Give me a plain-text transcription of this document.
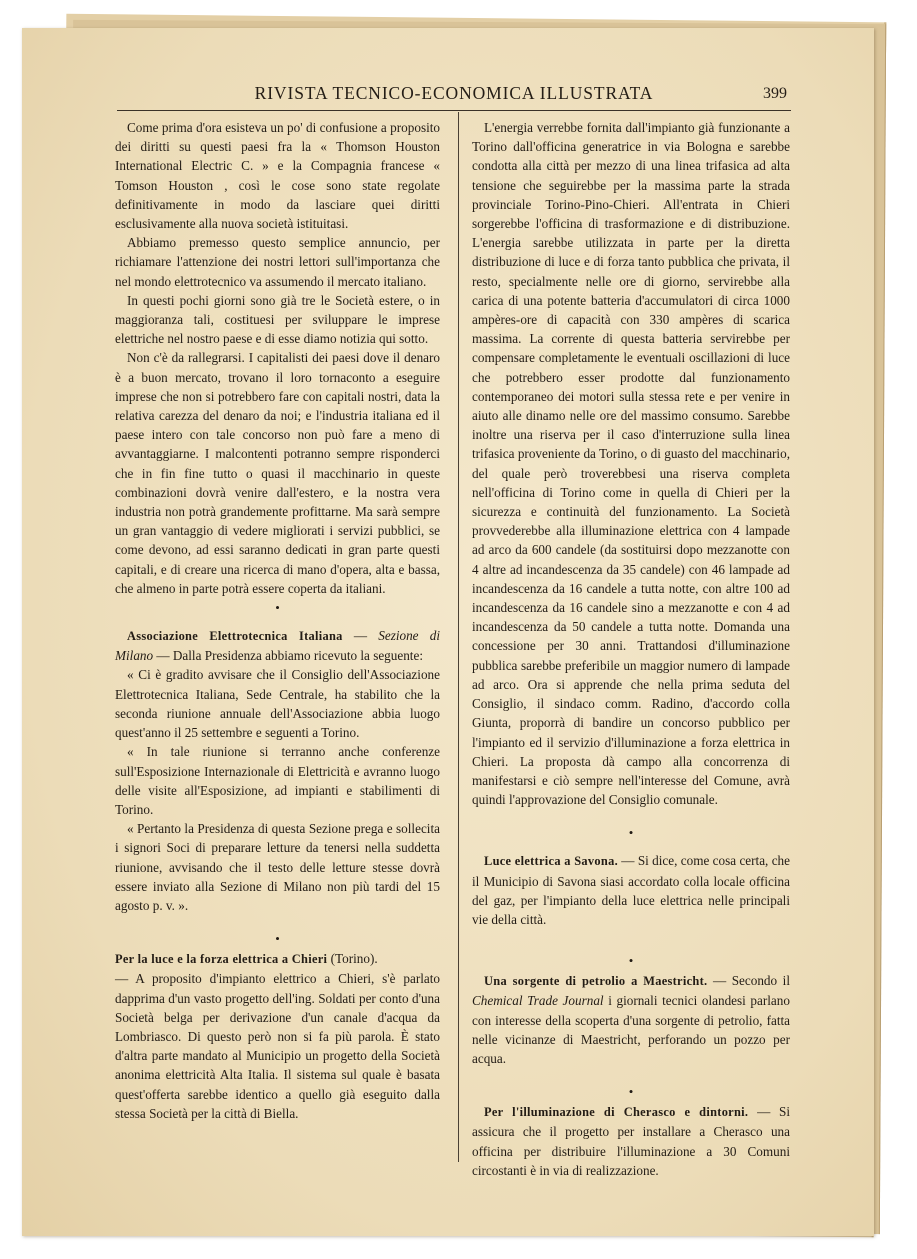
RIVISTA TECNICO-ECONOMICA ILLUSTRATA	399

Come prima d'ora esisteva un po' di confusione a proposito dei diritti su questi paesi fra la « Thomson Houston International Electric C. » e la Compagnia francese « Tomson Houston , così le cose sono state regolate definitivamente in modo da lasciare quei diritti esclusivamente alla nuova società istituitasi.

Abbiamo premesso questo semplice annuncio, per richiamare l'attenzione dei nostri lettori sull'importanza che nel mondo elettrotecnico va assumendo il mercato italiano.

In questi pochi giorni sono già tre le Società estere, o in maggioranza tali, costituesi per sviluppare le imprese elettriche nel nostro paese e di esse diamo notizia qui sotto.

Non c'è da rallegrarsi. I capitalisti dei paesi dove il denaro è a buon mercato, trovano il loro tornaconto a eseguire imprese che non si potrebbero fare con capitali nostri, data la relativa carezza del denaro da noi; e l'industria italiana ed il paese intero con tale concorso non può fare a meno di avvantaggiarne. I malcontenti potranno sempre risponderci che in fin fine tutto o quasi il macchinario in queste combinazioni dovrà venire dall'estero, e la nostra vera industria non potrà grandemente profittarne. Ma sarà sempre un gran vantaggio di vedere migliorati i servizi pubblici, se come devono, ad essi saranno dedicati in gran parte questi capitali, e di creare una ricerca di mano d'opera, alta e bassa, che almeno in parte potrà essere coperta da italiani.

•

Associazione Elettrotecnica Italiana — Sezione di Milano — Dalla Presidenza abbiamo ricevuto la seguente:

« Ci è gradito avvisare che il Consiglio dell'Associazione Elettrotecnica Italiana, Sede Centrale, ha stabilito che la seconda riunione annuale dell'Associazione abbia luogo quest'anno il 25 settembre e seguenti a Torino.

« In tale riunione si terranno anche conferenze sull'Esposizione Internazionale di Elettricità e avranno luogo delle visite all'Esposizione, ad impianti e stabilimenti di Torino.

« Pertanto la Presidenza di questa Sezione prega e sollecita i signori Soci di preparare letture da tenersi nella suddetta riunione, avvisando che il testo delle letture stesse dovrà essere inviato alla Sezione di Milano non più tardi del 15 agosto p. v. ».

•

Per la luce e la forza elettrica a Chieri (Torino).

— A proposito d'impianto elettrico a Chieri, s'è parlato dapprima d'un vasto progetto dell'ing. Soldati per conto d'una Società belga per derivazione d'un canale d'acqua da Lombriasco. Di questo però non si fa più parola. È stato d'altra parte mandato al Municipio un progetto della Società anonima elettricità Alta Italia. Il sistema sul quale è basata quest'offerta sarebbe identico a quello già eseguito dalla stessa Società per la città di Biella.

L'energia verrebbe fornita dall'impianto già funzionante a Torino dall'officina generatrice in via Bologna e sarebbe condotta alla città per mezzo di una linea trifasica ad alta tensione che seguirebbe per la massima parte la strada provinciale Torino-Pino-Chieri. All'entrata in Chieri sorgerebbe l'officina di trasformazione e di distribuzione. L'energia sarebbe utilizzata in parte per la diretta distribuzione di luce e di forza tanto pubblica che privata, il resto, specialmente nelle ore di giorno, servirebbe alla carica di una potente batteria d'accumulatori di circa 1000 ampères-ore di capacità con 330 ampères di scarica massima. La corrente di questa batteria servirebbe per compensare completamente le eventuali oscillazioni di luce che potrebbero esser prodotte dal funzionamento contemporaneo dei motori sulla stessa rete e per venire in aiuto alle dinamo nelle ore del massimo consumo. Sarebbe inoltre una riserva per il caso d'interruzione sulla linea trifasica proveniente da Torino, o di guasto del macchinario, del quale però troverebbesi una riserva completa nell'officina di Torino come in quella di Chieri per la sicurezza e continuità del funzionamento. La Società provvederebbe alla illuminazione elettrica con 4 lampade ad arco da 600 candele (da sostituirsi dopo mezzanotte con 4 altre ad incandescenza da 35 candele) con 46 lampade ad incandescenza da 16 candele a tutta notte, con altre 100 ad incandescenza da 16 candele sino a mezzanotte e con 4 ad incandescenza da 50 candele a tutta notte. Domanda una concessione per 30 anni. Trattandosi d'illuminazione pubblica sarebbe preferibile un maggior numero di lampade ad arco. Ora si apprende che nella prima seduta del Consiglio, il sindaco comm. Radino, d'accordo colla Giunta, proporrà di bandire un concorso pubblico per l'impianto ed il servizio d'illuminazione a forza elettrica in Chieri. La proposta dà campo alla concorrenza di manifestarsi e ciò sempre nell'interesse del Comune, avrà quindi l'approvazione del Consiglio comunale.

•

Luce elettrica a Savona. — Si dice, come cosa certa, che il Municipio di Savona siasi accordato colla locale officina del gaz, per l'impianto della luce elettrica nelle principali vie della città.

•

Una sorgente di petrolio a Maestricht. — Secondo il Chemical Trade Journal i giornali tecnici olandesi parlano con interesse della scoperta d'una sorgente di petrolio, fatta nelle vicinanze di Maestricht, perforando un pozzo per acqua.

•

Per l'illuminazione di Cherasco e dintorni. — Si assicura che il progetto per installare a Cherasco una officina per distribuire l'illuminazione a 30 Comuni circostanti è in via di realizzazione.
